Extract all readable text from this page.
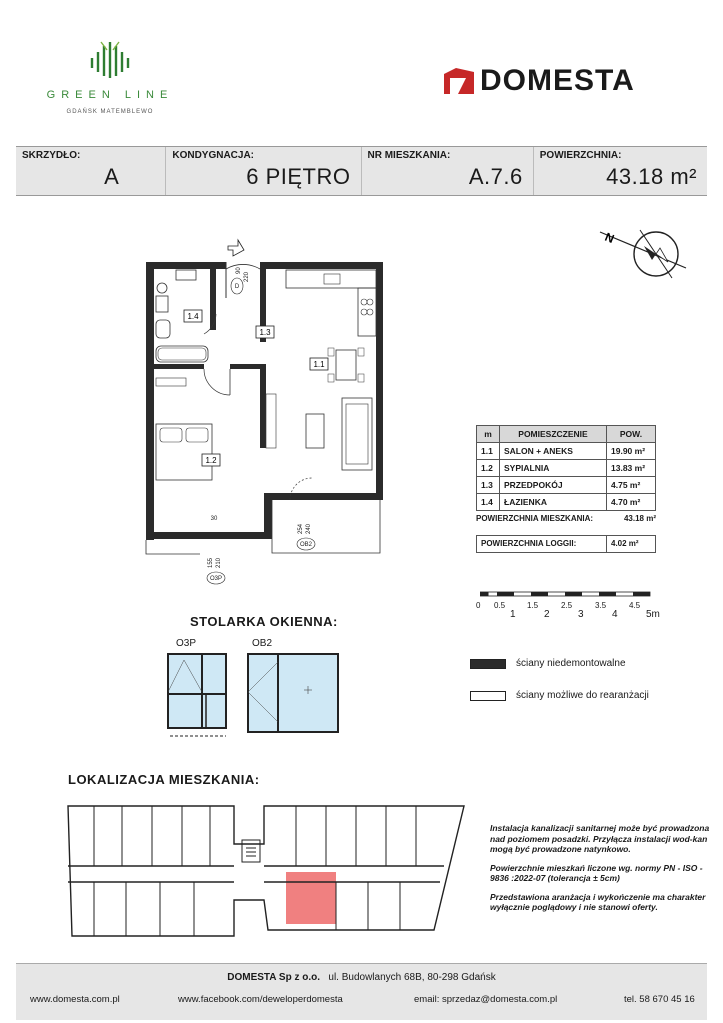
GREEN LINE
GDAŃSK MATEMBLEWO
DOMESTA
SKRZYDŁO:
A
KONDYGNACJA:
6 PIĘTRO
NR MIESZKANIA:
A.7.6
POWIERZCHNIA:
43.18 m²
N
1.4
1.3
1.1
1.2
D
90
220
254 240
OB2
30
155 210
O3P
m	POMIESZCZENIE	POW.
1.1	SALON + ANEKS	19.90 m²
1.2	SYPIALNIA	13.83 m²
1.3	PRZEDPOKÓJ	4.75 m²
1.4	ŁAZIENKA	4.70 m²
POWIERZCHNIA MIESZKANIA:	43.18 m²
POWIERZCHNIA LOGGII:	4.02 m²
0	0.5	1.5	2.5	3.5	4.5
1	2	3	4	5m
STOLARKA OKIENNA:
O3P	OB2
ściany niedemontowalne
ściany możliwe do rearanżacji
LOKALIZACJA MIESZKANIA:

Instalacja kanalizacji sanitarnej może być prowadzona nad poziomem posadzki. Przyłącza instalacji wod-kan mogą być prowadzone natynkowo.

Powierzchnie mieszkań liczone wg. normy PN - ISO - 9836 :2022-07 (tolerancja ± 5cm)

Przedstawiona aranżacja i wykończenie ma charakter wyłącznie poglądowy i nie stanowi oferty.

DOMESTA Sp z o.o. ul. Budowlanych 68B, 80-298 Gdańsk
www.domesta.com.pl	www.facebook.com/deweloperdomesta	email: sprzedaz@domesta.com.pl	tel. 58 670 45 16
